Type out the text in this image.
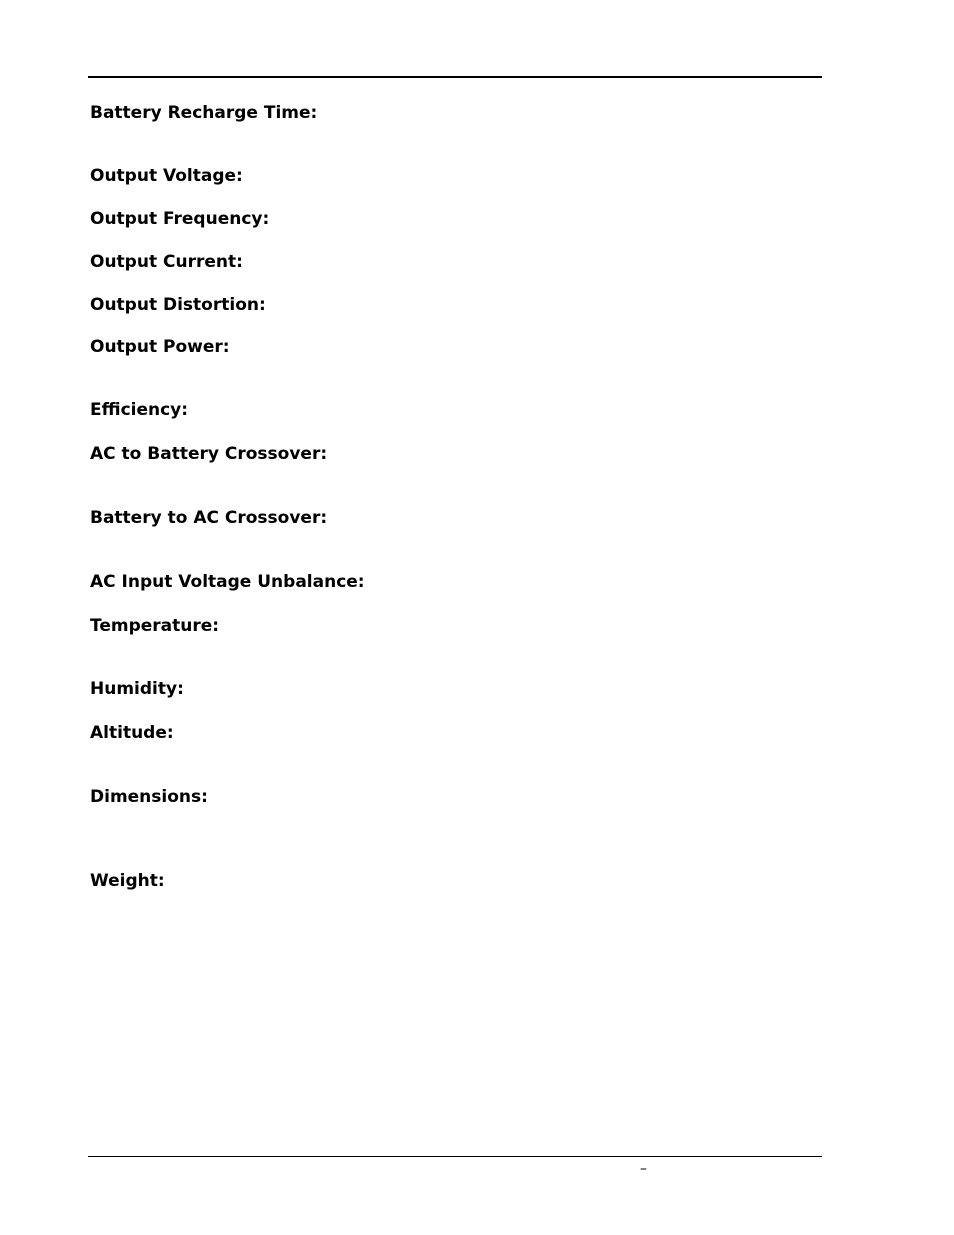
Battery Recharge Time:
Output Voltage:
Output Frequency:
Output Current:
Output Distortion:
Output Power:
Efficiency:
AC to Battery Crossover:
Battery to AC Crossover:
AC Input Voltage Unbalance:
Temperature:
Humidity:
Altitude:
Dimensions:
Weight:
–
